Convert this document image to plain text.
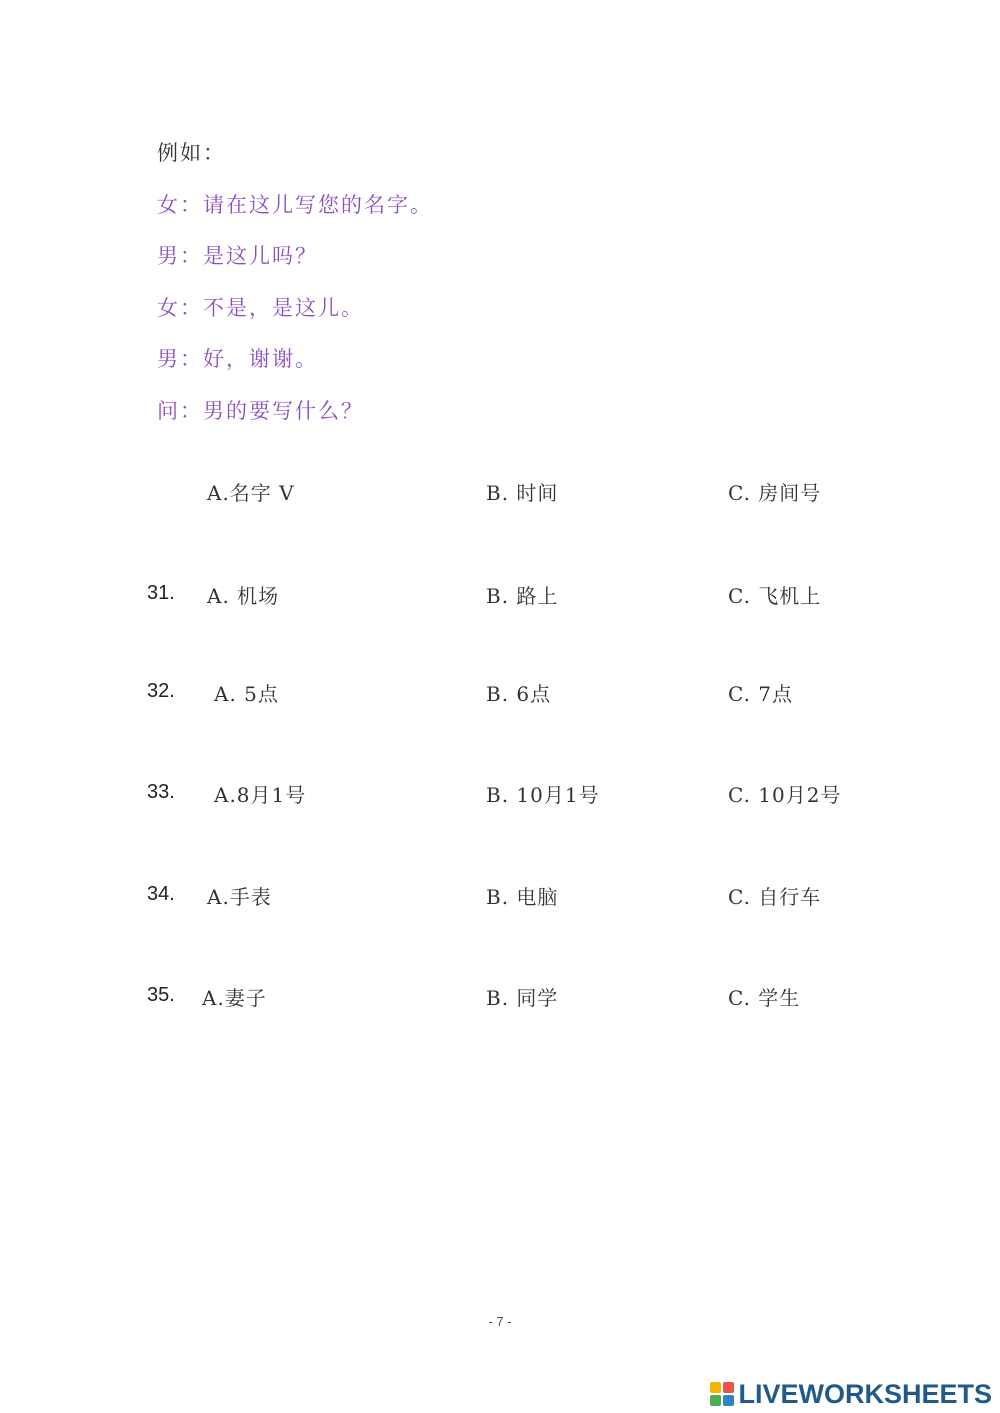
例如：
女：请在这儿写您的名字。
男：是这儿吗？
女：不是，是这儿。
男：好，谢谢。
问：男的要写什么？
A.名字 V	B. 时间	C. 房间号
31. A. 机场	B. 路上	C. 飞机上
32. A. 5点	B. 6点	C. 7点
33. A.8月1号	B. 10月1号	C. 10月2号
34. A.手表	B. 电脑	C. 自行车
35. A.妻子	B. 同学	C. 学生
- 7 -
LIVEWORKSHEETS
